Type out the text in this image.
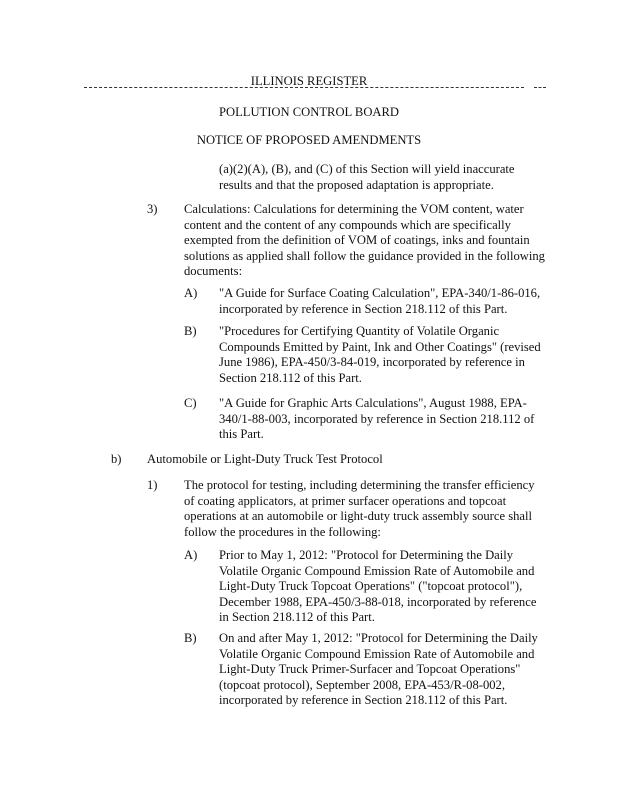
ILLINOIS REGISTER
POLLUTION CONTROL BOARD
NOTICE OF PROPOSED AMENDMENTS
(a)(2)(A), (B), and (C) of this Section will yield inaccurate results and that the proposed adaptation is appropriate.
3) Calculations: Calculations for determining the VOM content, water content and the content of any compounds which are specifically exempted from the definition of VOM of coatings, inks and fountain solutions as applied shall follow the guidance provided in the following documents:
A) "A Guide for Surface Coating Calculation", EPA-340/1-86-016, incorporated by reference in Section 218.112 of this Part.
B) "Procedures for Certifying Quantity of Volatile Organic Compounds Emitted by Paint, Ink and Other Coatings" (revised June 1986), EPA-450/3-84-019, incorporated by reference in Section 218.112 of this Part.
C) "A Guide for Graphic Arts Calculations", August 1988, EPA-340/1-88-003, incorporated by reference in Section 218.112 of this Part.
b) Automobile or Light-Duty Truck Test Protocol
1) The protocol for testing, including determining the transfer efficiency of coating applicators, at primer surfacer operations and topcoat operations at an automobile or light-duty truck assembly source shall follow the procedures in the following:
A) Prior to May 1, 2012: "Protocol for Determining the Daily Volatile Organic Compound Emission Rate of Automobile and Light-Duty Truck Topcoat Operations" ("topcoat protocol"), December 1988, EPA-450/3-88-018, incorporated by reference in Section 218.112 of this Part.
B) On and after May 1, 2012: "Protocol for Determining the Daily Volatile Organic Compound Emission Rate of Automobile and Light-Duty Truck Primer-Surfacer and Topcoat Operations" (topcoat protocol), September 2008, EPA-453/R-08-002, incorporated by reference in Section 218.112 of this Part.
